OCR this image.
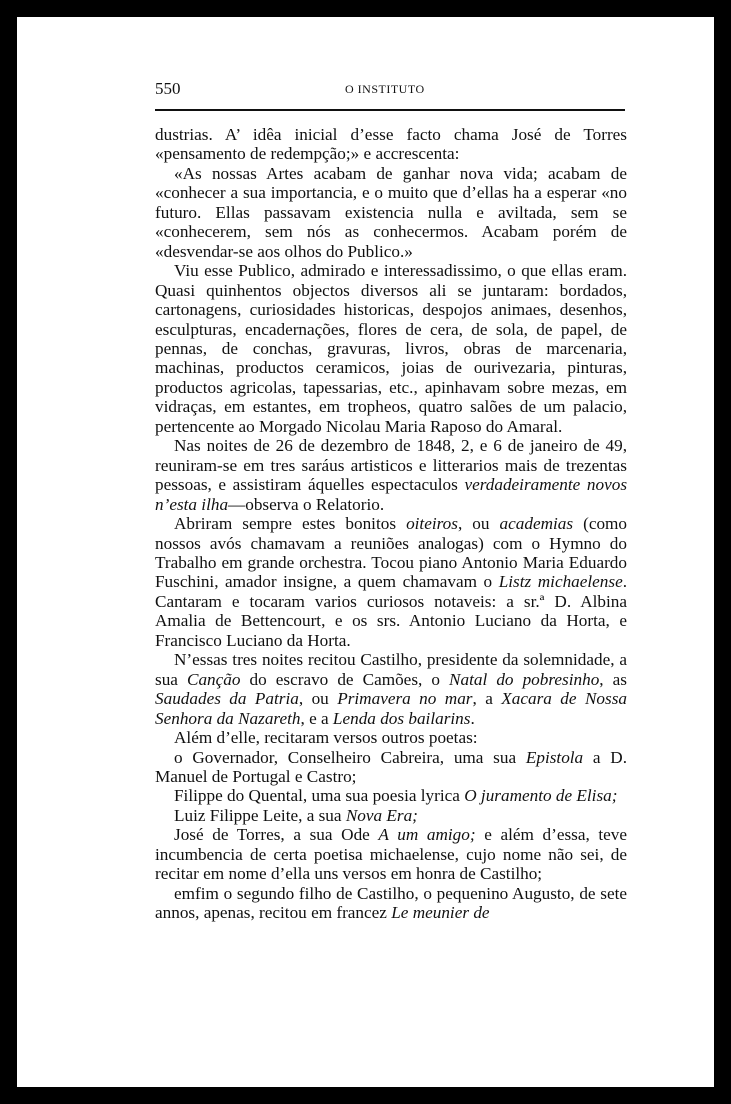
550	O INSTITUTO

dustrias. A’ idêa inicial d’esse facto chama José de Torres «pensamento de redempção;» e accrescenta:

«As nossas Artes acabam de ganhar nova vida; acabam de «conhecer a sua importancia, e o muito que d’ellas ha a esperar «no futuro. Ellas passavam existencia nulla e aviltada, sem se «conhecerem, sem nós as conhecermos. Acabam porém de «desvendar-se aos olhos do Publico.»

Viu esse Publico, admirado e interessadissimo, o que ellas eram. Quasi quinhentos objectos diversos ali se juntaram: bordados, cartonagens, curiosidades historicas, despojos animaes, desenhos, esculpturas, encadernações, flores de cera, de sola, de papel, de pennas, de conchas, gravuras, livros, obras de marcenaria, machinas, productos ceramicos, joias de ourivezaria, pinturas, productos agricolas, tapessarias, etc., apinhavam sobre mezas, em vidraças, em estantes, em trophеos, quatro salões de um palacio, pertencente ao Morgado Nicolau Maria Raposo do Amaral.

Nas noites de 26 de dezembro de 1848, 2, e 6 de janeiro de 49, reuniram-se em tres saráus artisticos e litterarios mais de trezentas pessoas, e assistiram áquelles espectaculos verdadeiramente novos n’esta ilha—observa o Relatorio.

Abriram sempre estes bonitos oiteiros, ou academias (como nossos avós chamavam a reuniões analogas) com o Hymno do Trabalho em grande orchestra. Tocou piano Antonio Maria Eduardo Fuschini, amador insigne, a quem chamavam o Listz michaelense. Cantaram e tocaram varios curiosos notaveis: a sr.ª D. Albina Amalia de Bettencourt, e os srs. Antonio Luciano da Horta, e Francisco Luciano da Horta.

N’essas tres noites recitou Castilho, presidente da solemnidade, a sua Canção do escravo de Camões, o Natal do pobresinho, as Saudades da Patria, ou Primavera no mar, a Xacara de Nossa Senhora da Nazareth, e a Lenda dos bailarins.

Além d’elle, recitaram versos outros poetas:

o Governador, Conselheiro Cabreira, uma sua Epistola a D. Manuel de Portugal e Castro;

Filippe do Quental, uma sua poesia lyrica O juramento de Elisa;

Luiz Filippe Leite, a sua Nova Era;

José de Torres, a sua Ode A um amigo; e além d’essa, teve incumbencia de certa poetisa michaelense, cujo nome não sei, de recitar em nome d’ella uns versos em honra de Castilho;

emfim o segundo filho de Castilho, o pequenino Augusto, de sete annos, apenas, recitou em francez Le meunier de
